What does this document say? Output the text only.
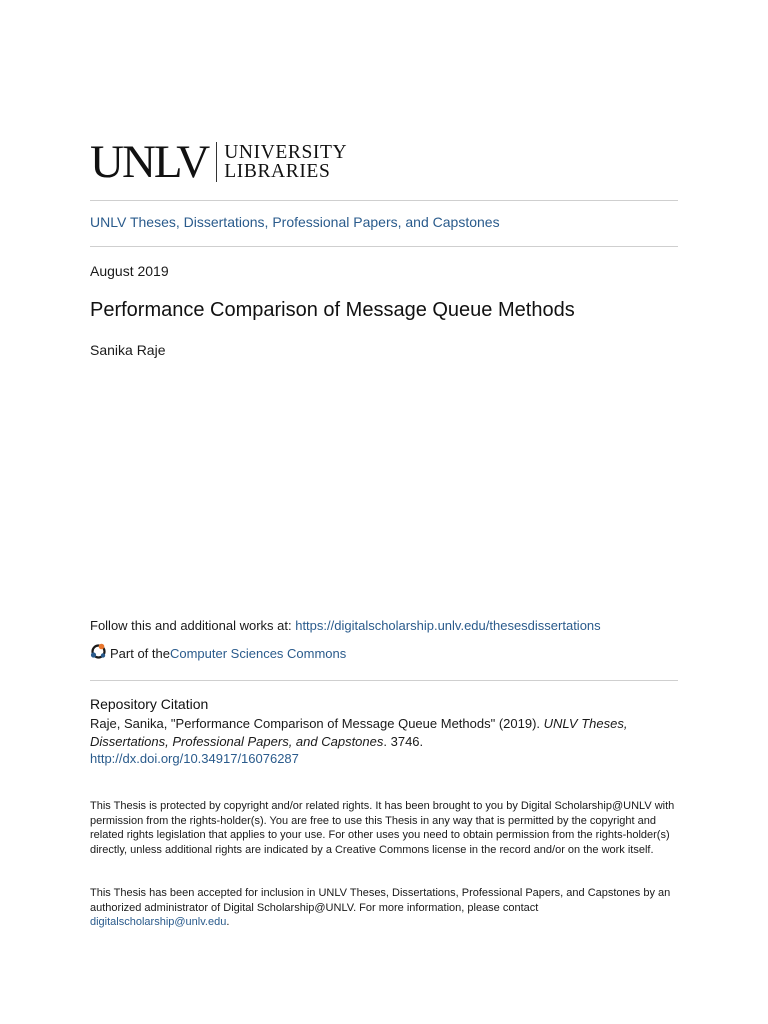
UNLV UNIVERSITY
LIBRARIES
UNLV Theses, Dissertations, Professional Papers, and Capstones
August 2019
Performance Comparison of Message Queue Methods
Sanika Raje
Follow this and additional works at: https://digitalscholarship.unlv.edu/thesesdissertations
Part of the Computer Sciences Commons
Repository Citation
Raje, Sanika, "Performance Comparison of Message Queue Methods" (2019). UNLV Theses, Dissertations, Professional Papers, and Capstones. 3746.
http://dx.doi.org/10.34917/16076287
This Thesis is protected by copyright and/or related rights. It has been brought to you by Digital Scholarship@UNLV with permission from the rights-holder(s). You are free to use this Thesis in any way that is permitted by the copyright and related rights legislation that applies to your use. For other uses you need to obtain permission from the rights-holder(s) directly, unless additional rights are indicated by a Creative Commons license in the record and/or on the work itself.
This Thesis has been accepted for inclusion in UNLV Theses, Dissertations, Professional Papers, and Capstones by an authorized administrator of Digital Scholarship@UNLV. For more information, please contact digitalscholarship@unlv.edu.
